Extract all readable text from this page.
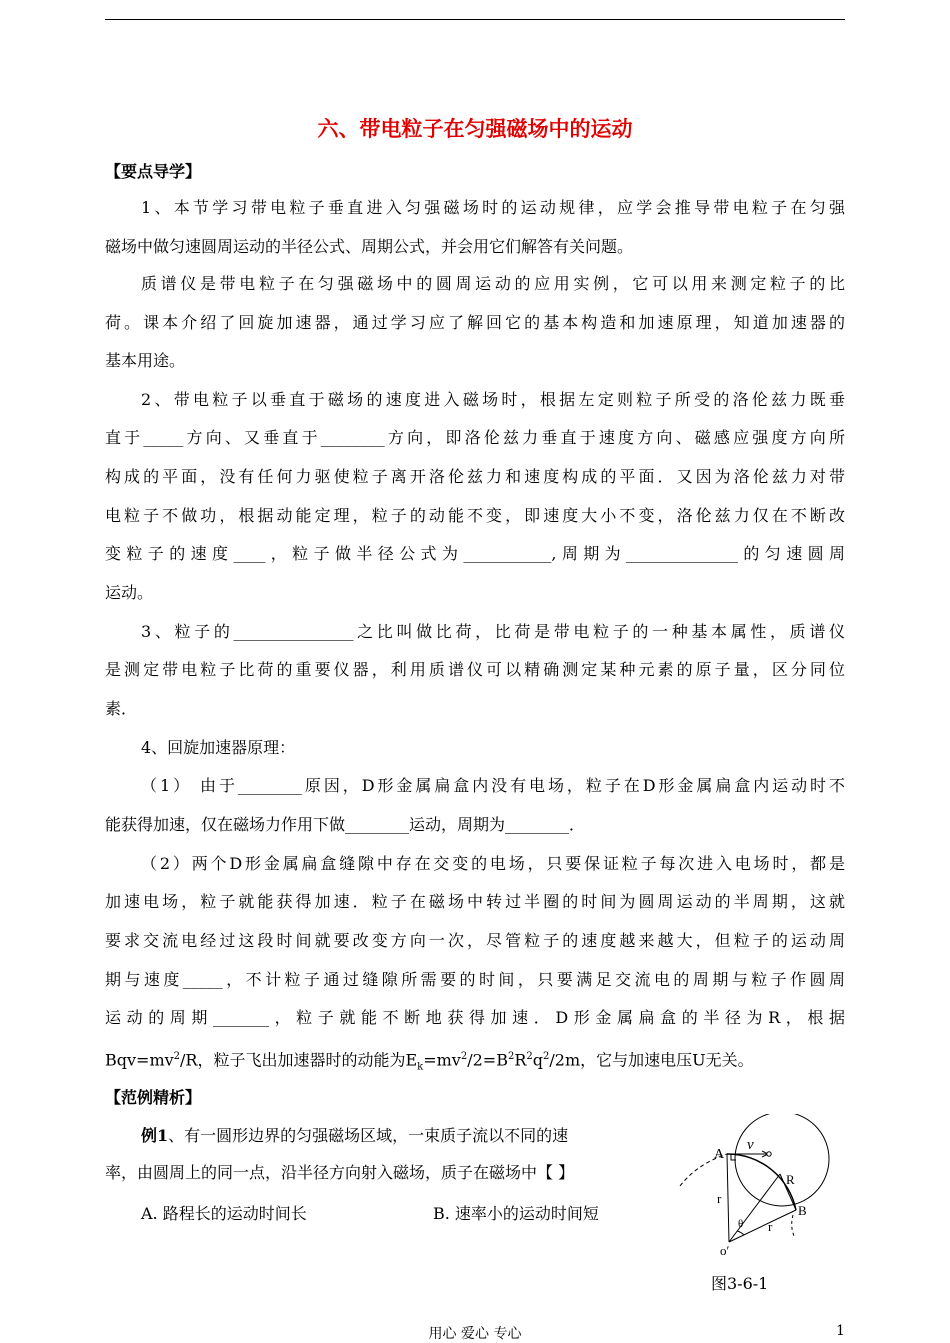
六、带电粒子在匀强磁场中的运动
【要点导学】
1、本节学习带电粒子垂直进入匀强磁场时的运动规律，应学会推导带电粒子在匀强
磁场中做匀速圆周运动的半径公式、周期公式，并会用它们解答有关问题。
质谱仪是带电粒子在匀强磁场中的圆周运动的应用实例，它可以用来测定粒子的比
荷。课本介绍了回旋加速器，通过学习应了解回它的基本构造和加速原理，知道加速器的
基本用途。
2、带电粒子以垂直于磁场的速度进入磁场时，根据左定则粒子所受的洛伦兹力既垂
直于_____方向、又垂直于________方向，即洛伦兹力垂直于速度方向、磁感应强度方向所
构成的平面，没有任何力驱使粒子离开洛伦兹力和速度构成的平面．又因为洛伦兹力对带
电粒子不做功，根据动能定理，粒子的动能不变，即速度大小不变，洛伦兹力仅在不断改
变粒子的速度____，粒子做半径公式为___________,周期为______________的匀速圆周
运动。
3、粒子的_______________之比叫做比荷，比荷是带电粒子的一种基本属性，质谱仪
是测定带电粒子比荷的重要仪器，利用质谱仪可以精确测定某种元素的原子量，区分同位
素．
4、回旋加速器原理：
（1） 由于________原因，D形金属扁盒内没有电场，粒子在D形金属扁盒内运动时不
能获得加速，仅在磁场力作用下做________运动，周期为________．
（2）两个D形金属扁盒缝隙中存在交变的电场，只要保证粒子每次进入电场时，都是
加速电场，粒子就能获得加速．粒子在磁场中转过半圈的时间为圆周运动的半周期，这就
要求交流电经过这段时间就要改变方向一次，尽管粒子的速度越来越大，但粒子的运动周
期与速度_____，不计粒子通过缝隙所需要的时间，只要满足交流电的周期与粒子作圆周
运动的周期_______，粒子就能不断地获得加速．D形金属扁盒的半径为R，根据
$Bqv=mv^2/R$，粒子飞出加速器时的动能为$E_k=mv^2/2=B^2R^2q^2/2m$，它与加速电压U无关。
【范例精析】
例1、有一圆形边界的匀强磁场区域，一束质子流以不同的速
率，由圆周上的同一点，沿半径方向射入磁场，质子在磁场中【 】
A. 路程长的运动时间长	B. 速率小的运动时间短
A
v
R
r
r
θ
B
o′
图3-6-1
用心 爱心 专心	1
